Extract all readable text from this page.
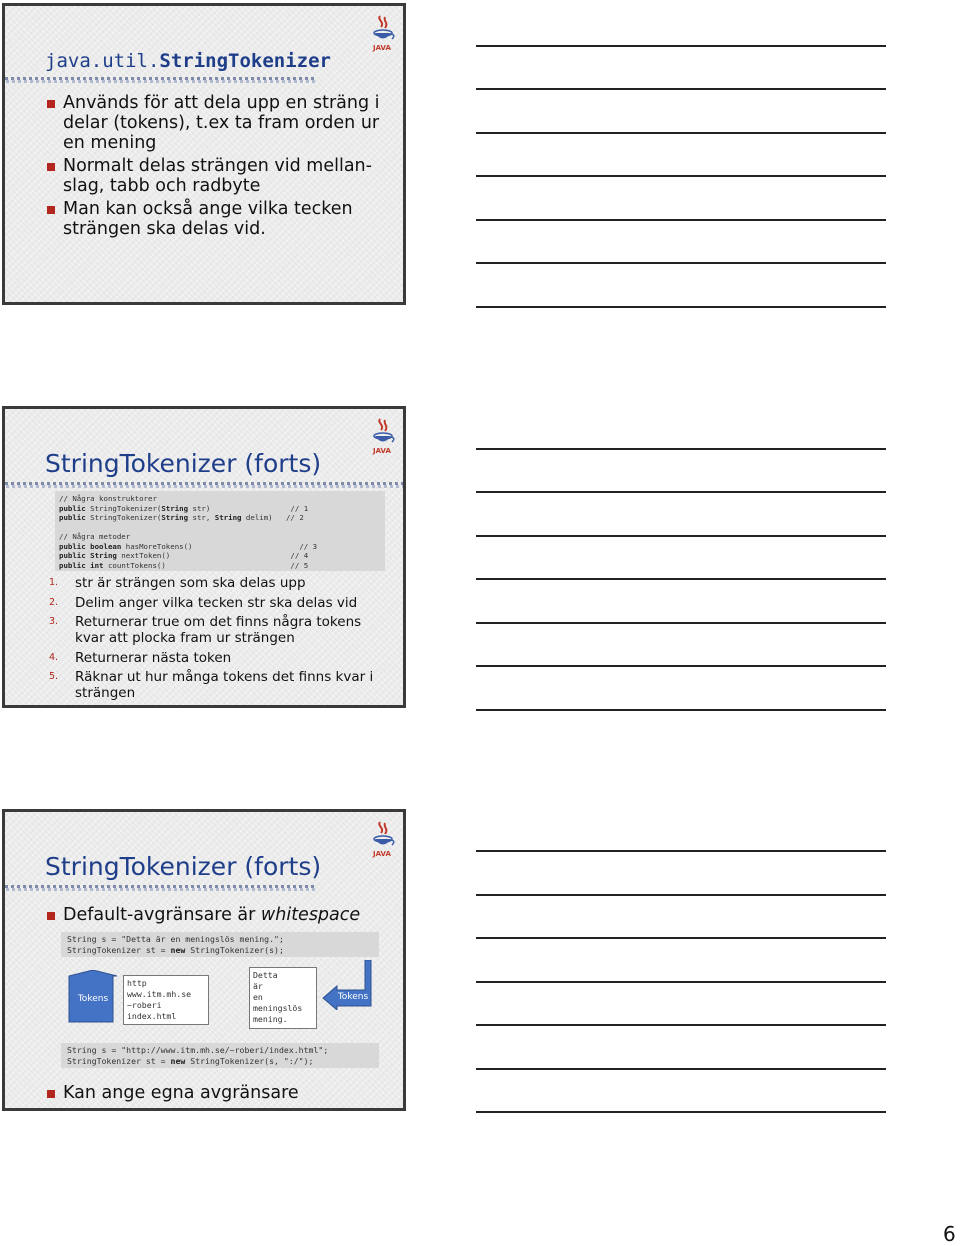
JAVA
java.util.StringTokenizer
Används för att dela upp en sträng i delar (tokens), t.ex ta fram orden ur en mening
Normalt delas strängen vid mellan-slag, tabb och radbyte
Man kan också ange vilka tecken strängen ska delas vid.
JAVA
StringTokenizer (forts)
// Några konstruktorer
public StringTokenizer(String str)	// 1
public StringTokenizer(String str, String delim) // 2

// Några metoder
public boolean hasMoreTokens()	// 3
public String nextToken()	// 4
public int countTokens()	// 5
1. str är strängen som ska delas upp
2. Delim anger vilka tecken str ska delas vid
3. Returnerar true om det finns några tokens kvar att plocka fram ur strängen
4. Returnerar nästa token
5. Räknar ut hur många tokens det finns kvar i strängen
JAVA
StringTokenizer (forts)
Default-avgränsare är whitespace
String s = "Detta är en meningslös mening.";
StringTokenizer st = new StringTokenizer(s);
Tokens
http
www.itm.mh.se
~roberi
index.html
Detta
är
en
meningslös
mening.
Tokens
String s = "http://www.itm.mh.se/~roberi/index.html";
StringTokenizer st = new StringTokenizer(s, ":/");
Kan ange egna avgränsare
6
